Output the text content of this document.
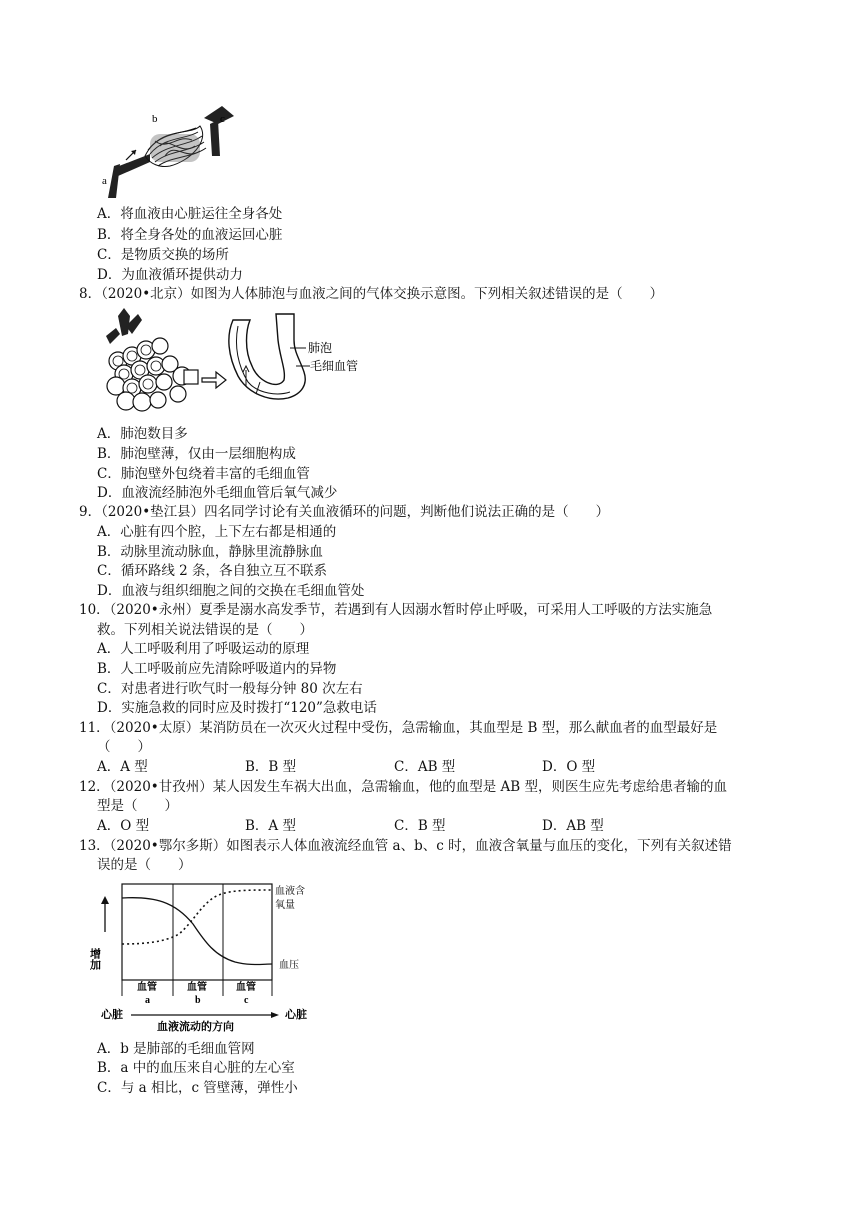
b	c
a
A．将血液由心脏运往全身各处
B．将全身各处的血液运回心脏
C．是物质交换的场所
D．为血液循环提供动力
8．（2020•北京）如图为人体肺泡与血液之间的气体交换示意图。下列相关叙述错误的是（　　）
肺泡
毛细血管
A．肺泡数目多
B．肺泡壁薄，仅由一层细胞构成
C．肺泡壁外包绕着丰富的毛细血管
D．血液流经肺泡外毛细血管后氧气减少
9．（2020•垫江县）四名同学讨论有关血液循环的问题，判断他们说法正确的是（　　）
A．心脏有四个腔，上下左右都是相通的
B．动脉里流动脉血，静脉里流静脉血
C．循环路线 2 条，各自独立互不联系
D．血液与组织细胞之间的交换在毛细血管处
10．（2020•永州）夏季是溺水高发季节，若遇到有人因溺水暂时停止呼吸，可采用人工呼吸的方法实施急
救。下列相关说法错误的是（　　）
A．人工呼吸利用了呼吸运动的原理
B．人工呼吸前应先清除呼吸道内的异物
C．对患者进行吹气时一般每分钟 80 次左右
D．实施急救的同时应及时拨打“120”急救电话
11．（2020•太原）某消防员在一次灭火过程中受伤，急需输血，其血型是 B 型，那么献血者的血型最好是
（　　）
A．A 型	B．B 型	C．AB 型	D．O 型
12．（2020•甘孜州）某人因发生车祸大出血，急需输血，他的血型是 AB 型，则医生应先考虑给患者输的血
型是（　　）
A．O 型	B．A 型	C．B 型	D．AB 型
13．（2020•鄂尔多斯）如图表示人体血液流经血管 a、b、c 时，血液含氧量与血压的变化，下列有关叙述错
误的是（　　）
增加
血液含
氧量
血压
血管
a
血管
b
血管
c
心脏	心脏
血液流动的方向
A．b 是肺部的毛细血管网
B．a 中的血压来自心脏的左心室
C．与 a 相比，c 管壁薄，弹性小
